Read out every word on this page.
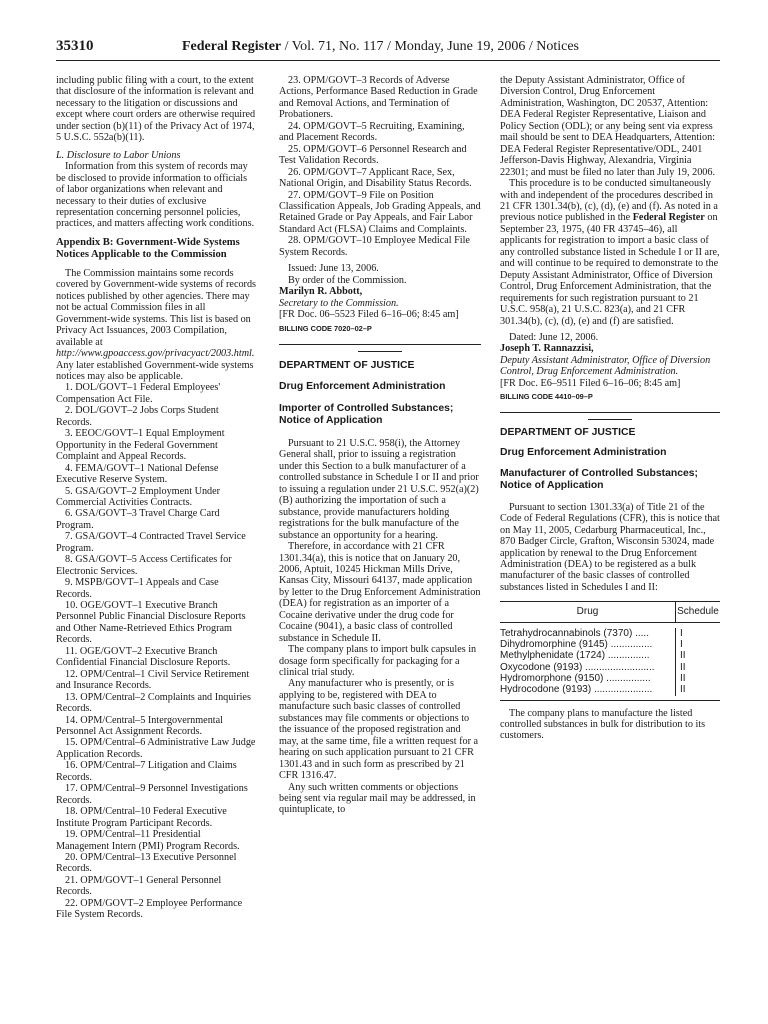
35310	Federal Register / Vol. 71, No. 117 / Monday, June 19, 2006 / Notices

including public filing with a court, to the extent that disclosure of the information is relevant and necessary to the litigation or discussions and except where court orders are otherwise required under section (b)(11) of the Privacy Act of 1974, 5 U.S.C. 552a(b)(11).

L. Disclosure to Labor Unions

Information from this system of records may be disclosed to provide information to officials of labor organizations when relevant and necessary to their duties of exclusive representation concerning personnel policies, practices, and matters affecting work conditions.

Appendix B: Government-Wide Systems Notices Applicable to the Commission

The Commission maintains some records covered by Government-wide systems of records notices published by other agencies. There may not be actual Commission files in all Government-wide systems. This list is based on Privacy Act Issuances, 2003 Compilation, available at http://www.gpoaccess.gov/privacyact/2003.html. Any later established Government-wide systems notices may also be applicable.

1. DOL/GOVT–1 Federal Employees' Compensation Act File.

2. DOL/GOVT–2 Jobs Corps Student Records.

3. EEOC/GOVT–1 Equal Employment Opportunity in the Federal Government Complaint and Appeal Records.

4. FEMA/GOVT–1 National Defense Executive Reserve System.

5. GSA/GOVT–2 Employment Under Commercial Activities Contracts.

6. GSA/GOVT–3 Travel Charge Card Program.

7. GSA/GOVT–4 Contracted Travel Service Program.

8. GSA/GOVT–5 Access Certificates for Electronic Services.

9. MSPB/GOVT–1 Appeals and Case Records.

10. OGE/GOVT–1 Executive Branch Personnel Public Financial Disclosure Reports and Other Name-Retrieved Ethics Program Records.

11. OGE/GOVT–2 Executive Branch Confidential Financial Disclosure Reports.

12. OPM/Central–1 Civil Service Retirement and Insurance Records.

13. OPM/Central–2 Complaints and Inquiries Records.

14. OPM/Central–5 Intergovernmental Personnel Act Assignment Records.

15. OPM/Central–6 Administrative Law Judge Application Records.

16. OPM/Central–7 Litigation and Claims Records.

17. OPM/Central–9 Personnel Investigations Records.

18. OPM/Central–10 Federal Executive Institute Program Participant Records.

19. OPM/Central–11 Presidential Management Intern (PMI) Program Records.

20. OPM/Central–13 Executive Personnel Records.

21. OPM/GOVT–1 General Personnel Records.

22. OPM/GOVT–2 Employee Performance File System Records.

23. OPM/GOVT–3 Records of Adverse Actions, Performance Based Reduction in Grade and Removal Actions, and Termination of Probationers.

24. OPM/GOVT–5 Recruiting, Examining, and Placement Records.

25. OPM/GOVT–6 Personnel Research and Test Validation Records.

26. OPM/GOVT–7 Applicant Race, Sex, National Origin, and Disability Status Records.

27. OPM/GOVT–9 File on Position Classification Appeals, Job Grading Appeals, and Retained Grade or Pay Appeals, and Fair Labor Standard Act (FLSA) Claims and Complaints.

28. OPM/GOVT–10 Employee Medical File System Records.

Issued: June 13, 2006.

By order of the Commission.

Marilyn R. Abbott,

Secretary to the Commission.

[FR Doc. 06–5523 Filed 6–16–06; 8:45 am]

BILLING CODE 7020–02–P

DEPARTMENT OF JUSTICE

Drug Enforcement Administration

Importer of Controlled Substances; Notice of Application

Pursuant to 21 U.S.C. 958(i), the Attorney General shall, prior to issuing a registration under this Section to a bulk manufacturer of a controlled substance in Schedule I or II and prior to issuing a regulation under 21 U.S.C. 952(a)(2)(B) authorizing the importation of such a substance, provide manufacturers holding registrations for the bulk manufacture of the substance an opportunity for a hearing.

Therefore, in accordance with 21 CFR 1301.34(a), this is notice that on January 20, 2006, Aptuit, 10245 Hickman Mills Drive, Kansas City, Missouri 64137, made application by letter to the Drug Enforcement Administration (DEA) for registration as an importer of a Cocaine derivative under the drug code for Cocaine (9041), a basic class of controlled substance in Schedule II.

The company plans to import bulk capsules in dosage form specifically for packaging for a clinical trial study.

Any manufacturer who is presently, or is applying to be, registered with DEA to manufacture such basic classes of controlled substances may file comments or objections to the issuance of the proposed registration and may, at the same time, file a written request for a hearing on such application pursuant to 21 CFR 1301.43 and in such form as prescribed by 21 CFR 1316.47.

Any such written comments or objections being sent via regular mail may be addressed, in quintuplicate, to

the Deputy Assistant Administrator, Office of Diversion Control, Drug Enforcement Administration, Washington, DC 20537, Attention: DEA Federal Register Representative, Liaison and Policy Section (ODL); or any being sent via express mail should be sent to DEA Headquarters, Attention: DEA Federal Register Representative/ODL, 2401 Jefferson-Davis Highway, Alexandria, Virginia 22301; and must be filed no later than July 19, 2006.

This procedure is to be conducted simultaneously with and independent of the procedures described in 21 CFR 1301.34(b), (c), (d), (e) and (f). As noted in a previous notice published in the Federal Register on September 23, 1975, (40 FR 43745–46), all applicants for registration to import a basic class of any controlled substance listed in Schedule I or II are, and will continue to be required to demonstrate to the Deputy Assistant Administrator, Office of Diversion Control, Drug Enforcement Administration, that the requirements for such registration pursuant to 21 U.S.C. 958(a), 21 U.S.C. 823(a), and 21 CFR 301.34(b), (c), (d), (e) and (f) are satisfied.

Dated: June 12, 2006.

Joseph T. Rannazzisi,

Deputy Assistant Administrator, Office of Diversion Control, Drug Enforcement Administration.

[FR Doc. E6–9511 Filed 6–16–06; 8:45 am]

BILLING CODE 4410–09–P

DEPARTMENT OF JUSTICE

Drug Enforcement Administration

Manufacturer of Controlled Substances; Notice of Application

Pursuant to section 1301.33(a) of Title 21 of the Code of Federal Regulations (CFR), this is notice that on May 11, 2005, Cedarburg Pharmaceutical, Inc., 870 Badger Circle, Grafton, Wisconsin 53024, made application by renewal to the Drug Enforcement Administration (DEA) to be registered as a bulk manufacturer of the basic classes of controlled substances listed in Schedules I and II:

Drug	Schedule

Tetrahydrocannabinols (7370) .....	I
Dihydromorphine (9145) ...............	I
Methylphenidate (1724) ...............	II
Oxycodone (9193) .........................	II
Hydromorphone (9150) ................	II
Hydrocodone (9193) .....................	II

The company plans to manufacture the listed controlled substances in bulk for distribution to its customers.
